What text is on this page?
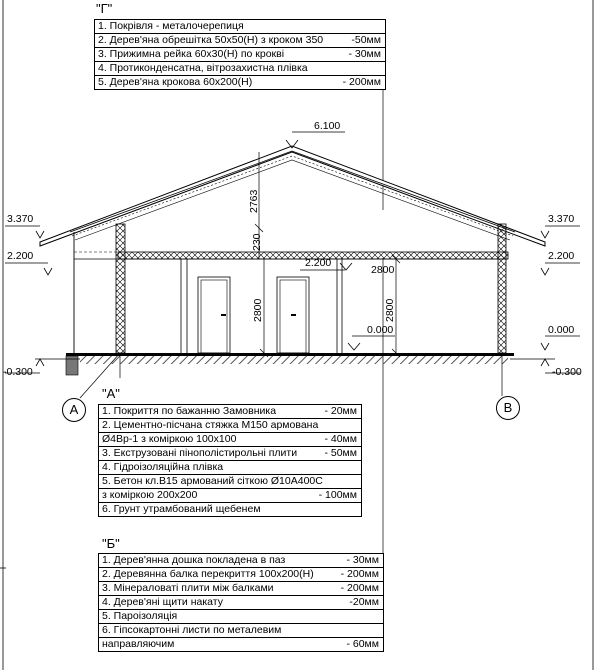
"Г"
1. Покрівля - металочерепиця
2. Дерев'яна обрешітка 50х50(Н) з кроком 350	-50мм
3. Прижимна рейка 60х30(Н) по крокві	- 30мм
4. Протиконденсатна, вітрозахистна плівка
5. Дерев'яна крокова 60х200(Н)	- 200мм
"А"
1. Покриття по бажанню Замовника	- 20мм
2. Цементно-пісчана стяжка М150 армована
Ø4Вр-1 з коміркою 100х100	- 40мм
3. Екструзовані пінополістирольні плити	- 50мм
4. Гідроізоляційна плівка
5. Бетон кл.В15 армований сіткою Ø10А400С
з коміркою 200х200	- 100мм
6. Грунт утрамбований щебенем
"Б"
1. Дерев'янна дошка покладена в паз	- 30мм
2. Деревянна балка перекриття 100х200(Н)	- 200мм
3. Мінераловаті плити між балками	- 200мм
4. Дерев'яні щити накату	-20мм
5. Пароізоляція
6. Гіпсокартонні листи по металевим
направляючим	- 60мм
6.100
3.370
2.200
3.370
2.200
2.200
0.000	0.000
-0.300	-0.300
2763
230
2800	2800
2800
A	B
